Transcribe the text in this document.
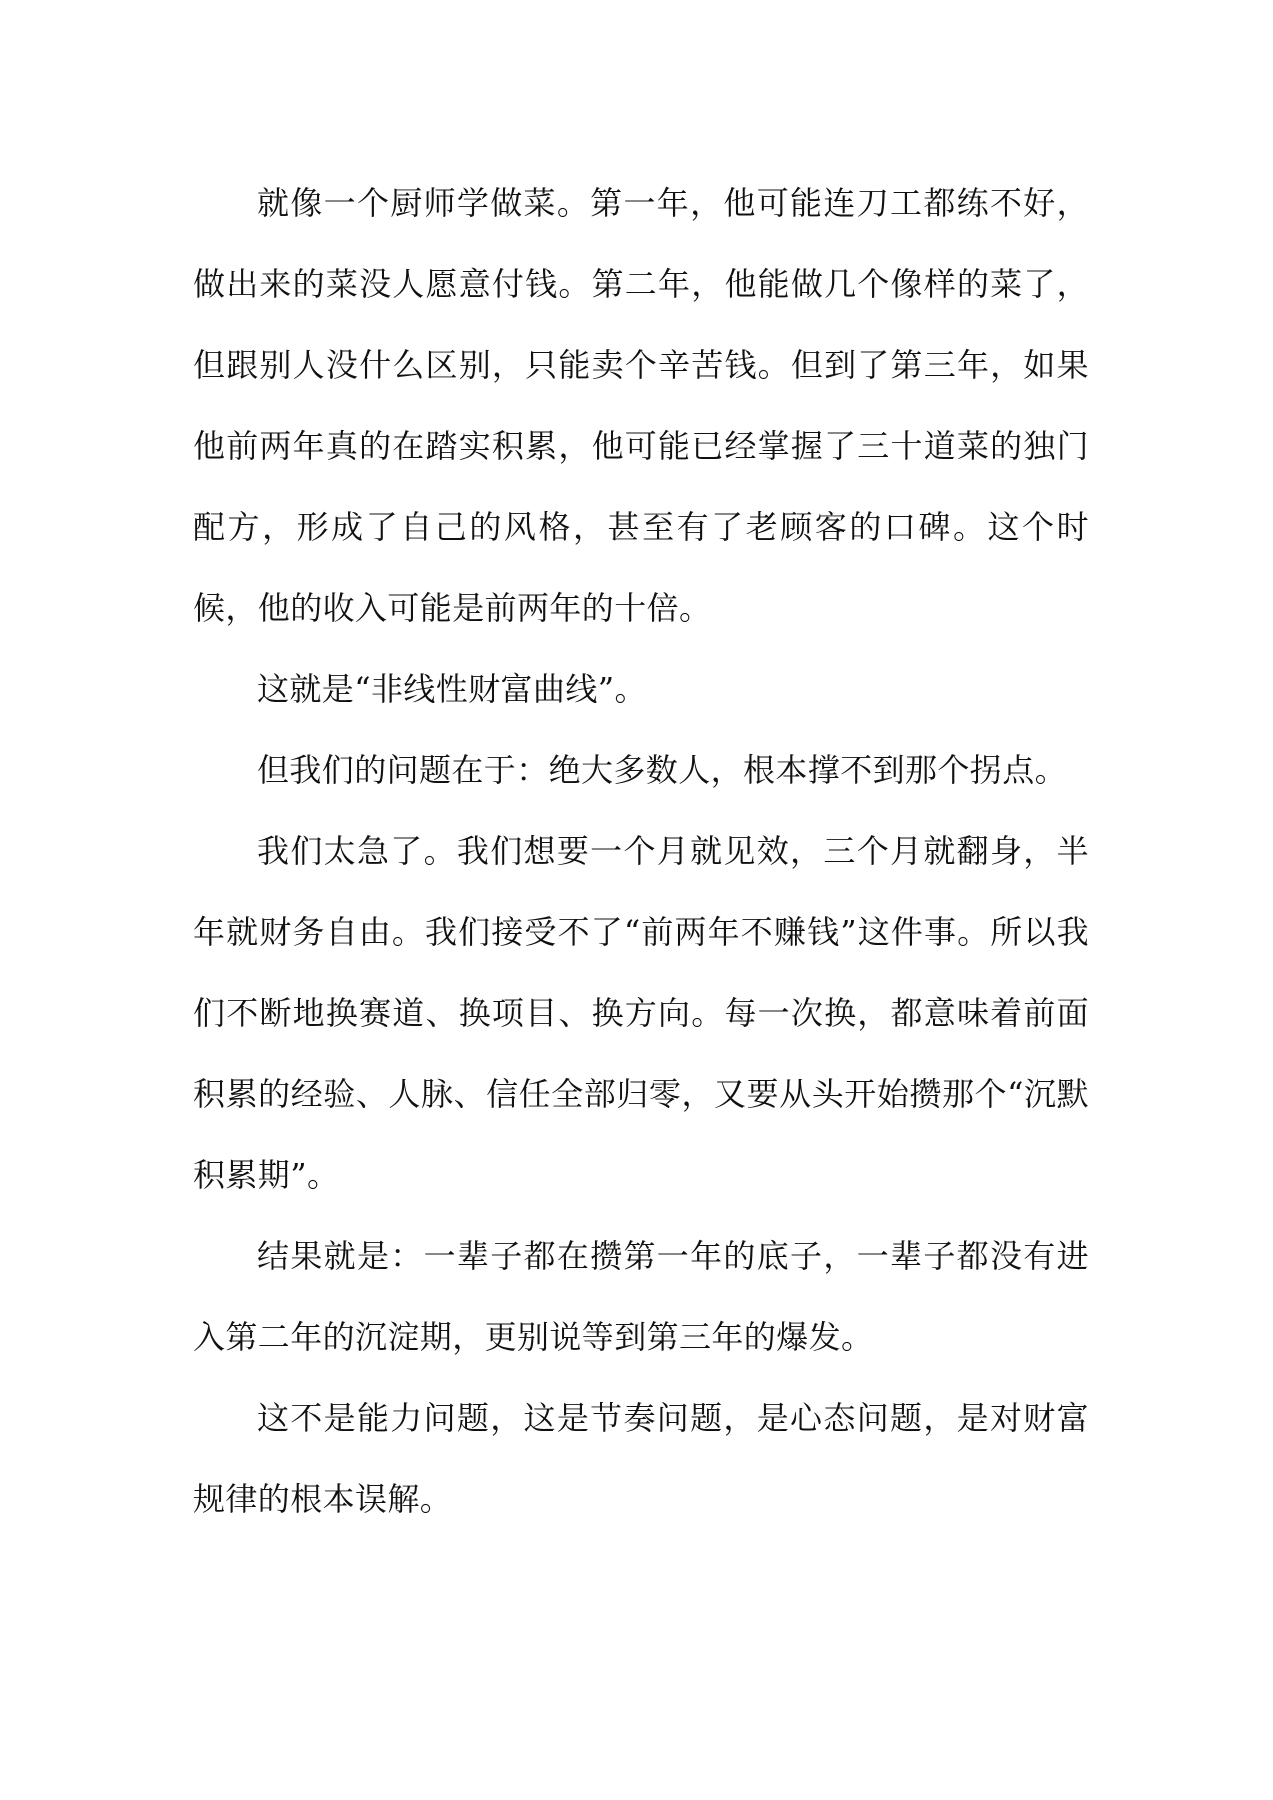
就像一个厨师学做菜。第一年，他可能连刀工都练不好，做出来的菜没人愿意付钱。第二年，他能做几个像样的菜了，但跟别人没什么区别，只能卖个辛苦钱。但到了第三年，如果他前两年真的在踏实积累，他可能已经掌握了三十道菜的独门配方，形成了自己的风格，甚至有了老顾客的口碑。这个时候，他的收入可能是前两年的十倍。

这就是“非线性财富曲线”。

但我们的问题在于：绝大多数人，根本撑不到那个拐点。

我们太急了。我们想要一个月就见效，三个月就翻身，半年就财务自由。我们接受不了“前两年不赚钱”这件事。所以我们不断地换赛道、换项目、换方向。每一次换，都意味着前面积累的经验、人脉、信任全部归零，又要从头开始攒那个“沉默积累期”。

结果就是：一辈子都在攒第一年的底子，一辈子都没有进入第二年的沉淀期，更别说等到第三年的爆发。

这不是能力问题，这是节奏问题，是心态问题，是对财富规律的根本误解。
